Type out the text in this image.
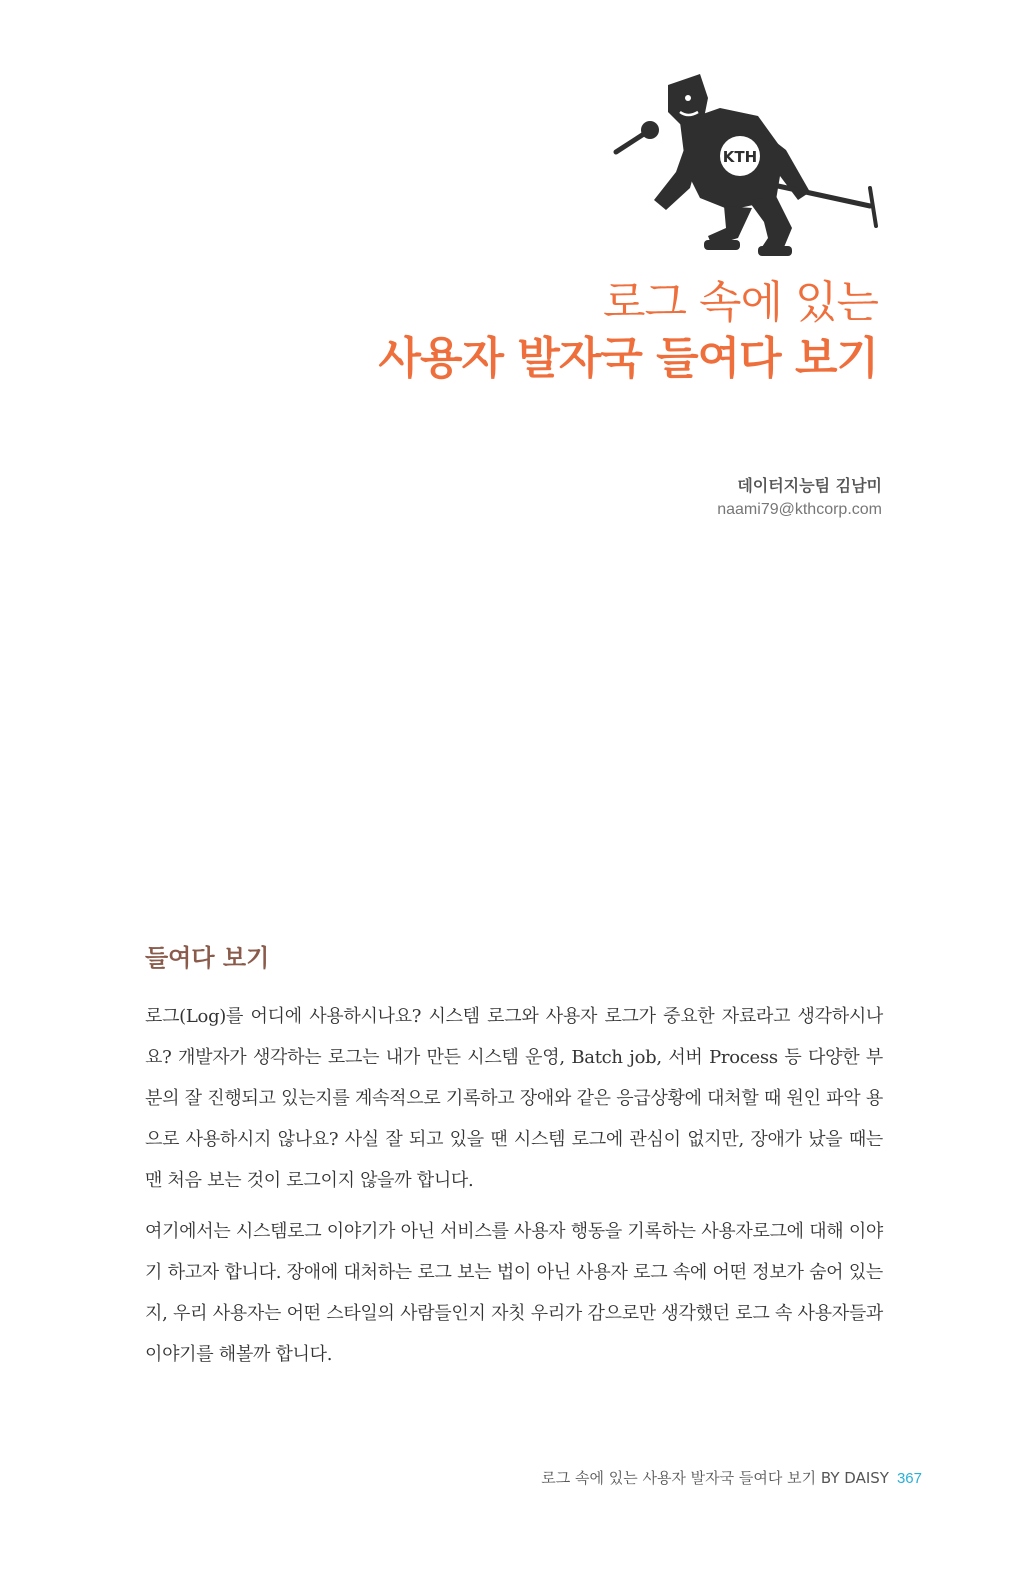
KTH
로그 속에 있는
사용자 발자국 들여다 보기
데이터지능팀 김남미
naami79@kthcorp.com
들여다 보기

로그(Log)를 어디에 사용하시나요? 시스템 로그와 사용자 로그가 중요한 자료라고 생각하시나요? 개발자가 생각하는 로그는 내가 만든 시스템 운영, Batch job, 서버 Process 등 다양한 부분의 잘 진행되고 있는지를 계속적으로 기록하고 장애와 같은 응급상황에 대처할 때 원인 파악 용으로 사용하시지 않나요? 사실 잘 되고 있을 땐 시스템 로그에 관심이 없지만, 장애가 났을 때는 맨 처음 보는 것이 로그이지 않을까 합니다.

여기에서는 시스템로그 이야기가 아닌 서비스를 사용자 행동을 기록하는 사용자로그에 대해 이야기 하고자 합니다. 장애에 대처하는 로그 보는 법이 아닌 사용자 로그 속에 어떤 정보가 숨어 있는지, 우리 사용자는 어떤 스타일의 사람들인지 자칫 우리가 감으로만 생각했던 로그 속 사용자들과 이야기를 해볼까 합니다.

로그 속에 있는 사용자 발자국 들여다 보기 BY DAISY 367
